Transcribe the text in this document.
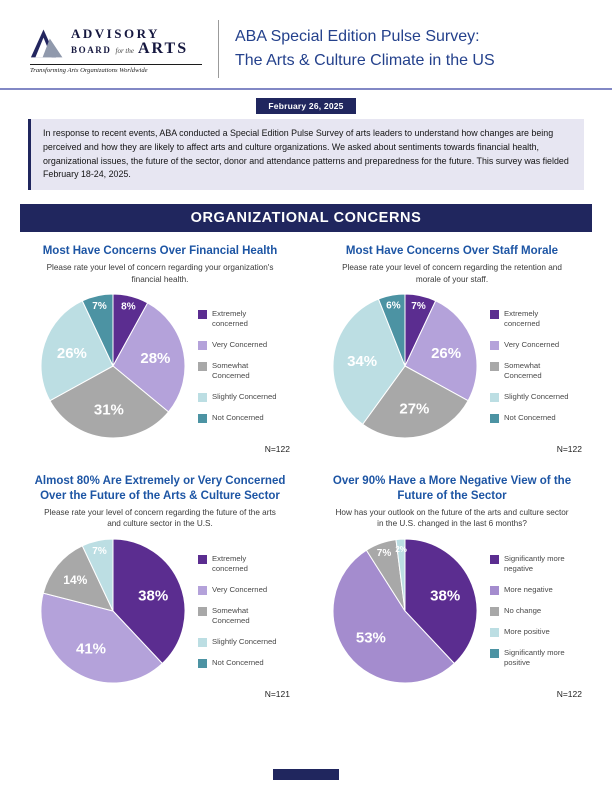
ADVISORY
BOARD for the ARTS
Transforming Arts Organizations Worldwide
ABA Special Edition Pulse Survey:
The Arts & Culture Climate in the US
February 26, 2025

In response to recent events, ABA conducted a Special Edition Pulse Survey of arts leaders to understand how changes are being perceived and how they are likely to affect arts and culture organizations. We asked about sentiments towards financial health, organizational issues, the future of the sector, donor and attendance patterns and preparedness for the future. This survey was fielded February 18-24, 2025.

ORGANIZATIONAL CONCERNS
Most Have Concerns Over Financial Health

Please rate your level of concern regarding your organization's financial health.

8%
28%
31%
26%
7%
Extremely concerned
Very Concerned
Somewhat Concerned
Slightly Concerned
Not Concerned
N=122
Most Have Concerns Over Staff Morale

Please rate your level of concern regarding the retention and morale of your staff.

7%
26%
27%
34%
6%
Extremely concerned
Very Concerned
Somewhat Concerned
Slightly Concerned
Not Concerned
N=122
Almost 80% Are Extremely or Very Concerned Over the Future of the Arts & Culture Sector

Please rate your level of concern regarding the future of the arts and culture sector in the U.S.

38%
41%
14%
7%
Extremely concerned
Very Concerned
Somewhat Concerned
Slightly Concerned
Not Concerned
N=121
Over 90% Have a More Negative View of the Future of the Sector

How has your outlook on the future of the arts and culture sector in the U.S. changed in the last 6 months?

38%
53%
7% 2%
Significantly more negative
More negative
No change
More positive
Significantly more positive
N=122
